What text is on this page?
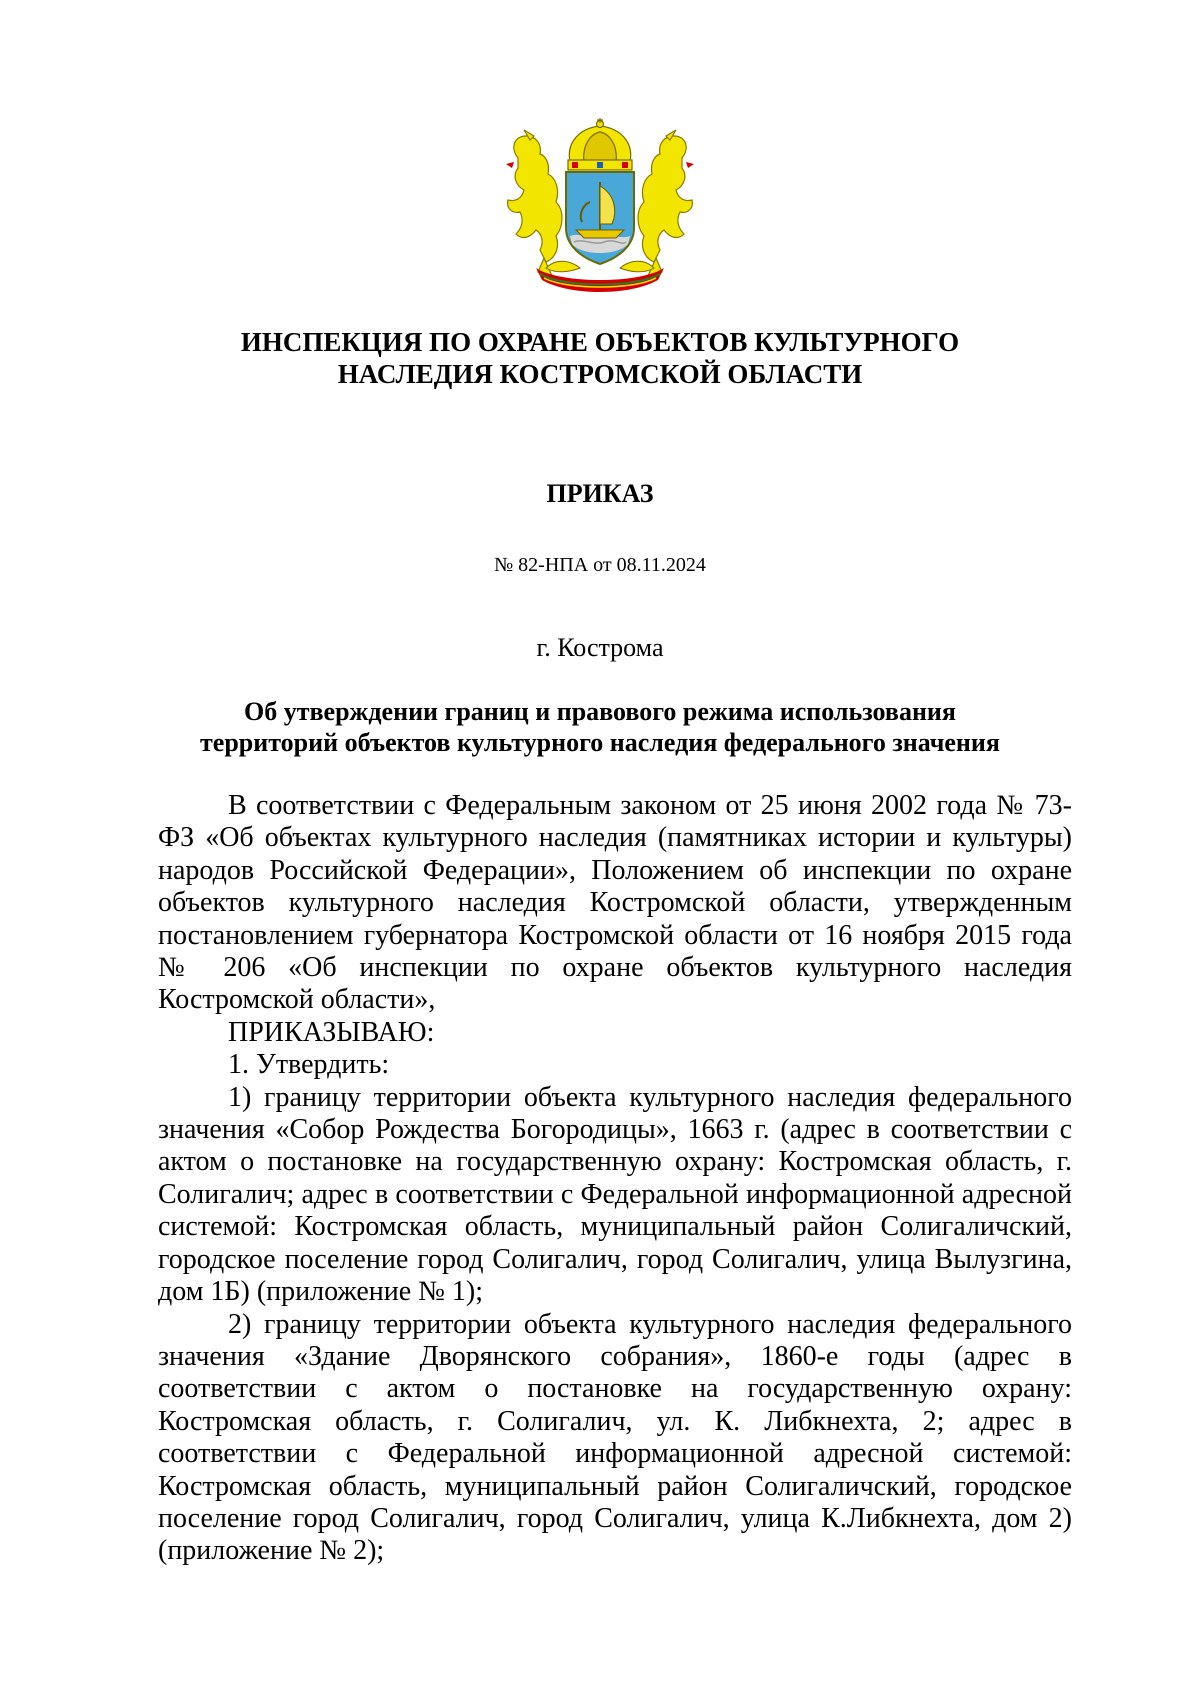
ИНСПЕКЦИЯ ПО ОХРАНЕ ОБЪЕКТОВ КУЛЬТУРНОГО
НАСЛЕДИЯ КОСТРОМСКОЙ ОБЛАСТИ
ПРИКАЗ
№ 82-НПА от 08.11.2024
г. Кострома
Об утверждении границ и правового режима использования
территорий объектов культурного наследия федерального значения

В соответствии с Федеральным законом от 25 июня 2002 года № 73-ФЗ «Об объектах культурного наследия (памятниках истории и культуры) народов Российской Федерации», Положением об инспекции по охране объектов культурного наследия Костромской области, утвержденным постановлением губернатора Костромской области от 16 ноября 2015 года № 206 «Об инспекции по охране объектов культурного наследия Костромской области»,

ПРИКАЗЫВАЮ:

1. Утвердить:

1) границу территории объекта культурного наследия федерального значения «Собор Рождества Богородицы», 1663 г. (адрес в соответствии с актом о постановке на государственную охрану: Костромская область, г. Солигалич; адрес в соответствии с Федеральной информационной адресной системой: Костромская область, муниципальный район Солигаличский, городское поселение город Солигалич, город Солигалич, улица Вылузгина, дом 1Б) (приложение № 1);

2) границу территории объекта культурного наследия федерального значения «Здание Дворянского собрания», 1860-е годы (адрес в соответствии с актом о постановке на государственную охрану: Костромская область, г. Солигалич, ул. К. Либкнехта, 2; адрес в соответствии с Федеральной информационной адресной системой: Костромская область, муниципальный район Солигаличский, городское поселение город Солигалич, город Солигалич, улица К.Либкнехта, дом 2) (приложение № 2);
